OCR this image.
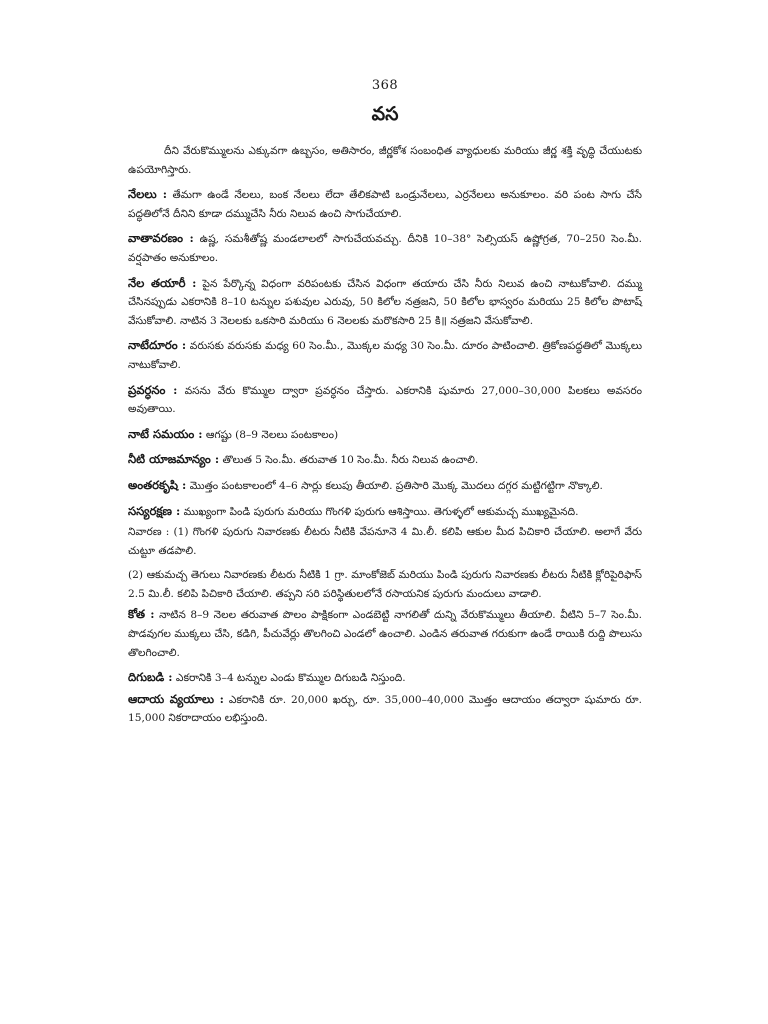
368
వస

దీని వేరుకొమ్ములను ఎక్కువగా ఉబ్బసం, అతిసారం, జీర్ణకోశ సంబంధిత వ్యాధులకు మరియు జీర్ణ శక్తి వృద్ధి చేయుటకు ఉపయోగిస్తారు.

నేలలు : తేమగా ఉండే నేలలు, బంక నేలలు లేదా తేలికపాటి ఒండ్రునేలలు, ఎర్రనేలలు అనుకూలం. వరి పంట సాగు చేసే పద్ధతిలోనే దీనిని కూడా దమ్ముచేసి నీరు నిలువ ఉంచి సాగుచేయాలి.

వాతావరణం : ఉష్ణ, సమశీతోష్ణ మండలాలలో సాగుచేయవచ్చు. దీనికి 10–38° సెల్సియస్ ఉష్ణోగ్రత, 70–250 సెం.మీ. వర్షపాతం అనుకూలం.

నేల తయారీ : పైన పేర్కొన్న విధంగా వరిపంటకు చేసిన విధంగా తయారు చేసి నీరు నిలువ ఉంచి నాటుకోవాలి. దమ్ము చేసినప్పుడు ఎకరానికి 8–10 టన్నుల పశువుల ఎరువు, 50 కిలోల నత్రజని, 50 కిలోల భాస్వరం మరియు 25 కిలోల పొటాష్ వేసుకోవాలి. నాటిన 3 నెలలకు ఒకసారి మరియు 6 నెలలకు మరొకసారి 25 కి॥ నత్రజని వేసుకోవాలి.

నాటేదూరం : వరుసకు వరుసకు మధ్య 60 సెం.మీ., మొక్కల మధ్య 30 సెం.మీ. దూరం పాటించాలి. త్రికోణపద్ధతిలో మొక్కలు నాటుకోవాలి.

ప్రవర్ధనం : వసను వేరు కొమ్ముల ద్వారా ప్రవర్ధనం చేస్తారు. ఎకరానికి షుమారు 27,000–30,000 పిలకలు అవసరం అవుతాయి.

నాటే సమయం : ఆగష్టు (8–9 నెలలు పంటకాలం)

నీటి యాజమాన్యం : తొలుత 5 సెం.మీ. తరువాత 10 సెం.మీ. నీరు నిలువ ఉంచాలి.

అంతరకృషి : మొత్తం పంటకాలంలో 4–6 సార్లు కలుపు తీయాలి. ప్రతిసారి మొక్క మొదలు దగ్గర మట్టిగట్టిగా నొక్కాలి.

సస్యరక్షణ : ముఖ్యంగా పిండి పురుగు మరియు గొంగళి పురుగు ఆశిస్తాయి. తెగుళ్ళలో ఆకుమచ్చ ముఖ్యమైనది.

నివారణ : (1) గొంగళి పురుగు నివారణకు లీటరు నీటికి వేపనూనె 4 మి.లీ. కలిపి ఆకుల మీద పిచికారి చేయాలి. అలాగే వేరు చుట్టూ తడపాలి.

(2) ఆకుమచ్చ తెగులు నివారణకు లీటరు నీటికి 1 గ్రా. మాంకోజెబ్ మరియు పిండి పురుగు నివారణకు లీటరు నీటికి క్లోరిపైరిఫాస్ 2.5 మి.లీ. కలిపి పిచికారి చేయాలి. తప్పని సరి పరిస్థితులలోనే రసాయనిక పురుగు మందులు వాడాలి.

కోత : నాటిన 8–9 నెలల తరువాత పొలం పాక్షికంగా ఎండబెట్టి నాగలితో దున్ని వేరుకొమ్ములు తీయాలి. వీటిని 5–7 సెం.మీ. పొడవుగల ముక్కలు చేసి, కడిగి, పీచువేర్లు తొలగించి ఎండలో ఉంచాలి. ఎండిన తరువాత గరుకుగా ఉండే రాయికి రుద్ది పొలుసు తొలగించాలి.

దిగుబడి : ఎకరానికి 3–4 టన్నుల ఎండు కొమ్ముల దిగుబడి నిస్తుంది.

ఆదాయ వ్యయాలు : ఎకరానికి రూ. 20,000 ఖర్చు, రూ. 35,000–40,000 మొత్తం ఆదాయం తద్వారా షుమారు రూ. 15,000 నికరాదాయం లభిస్తుంది.
